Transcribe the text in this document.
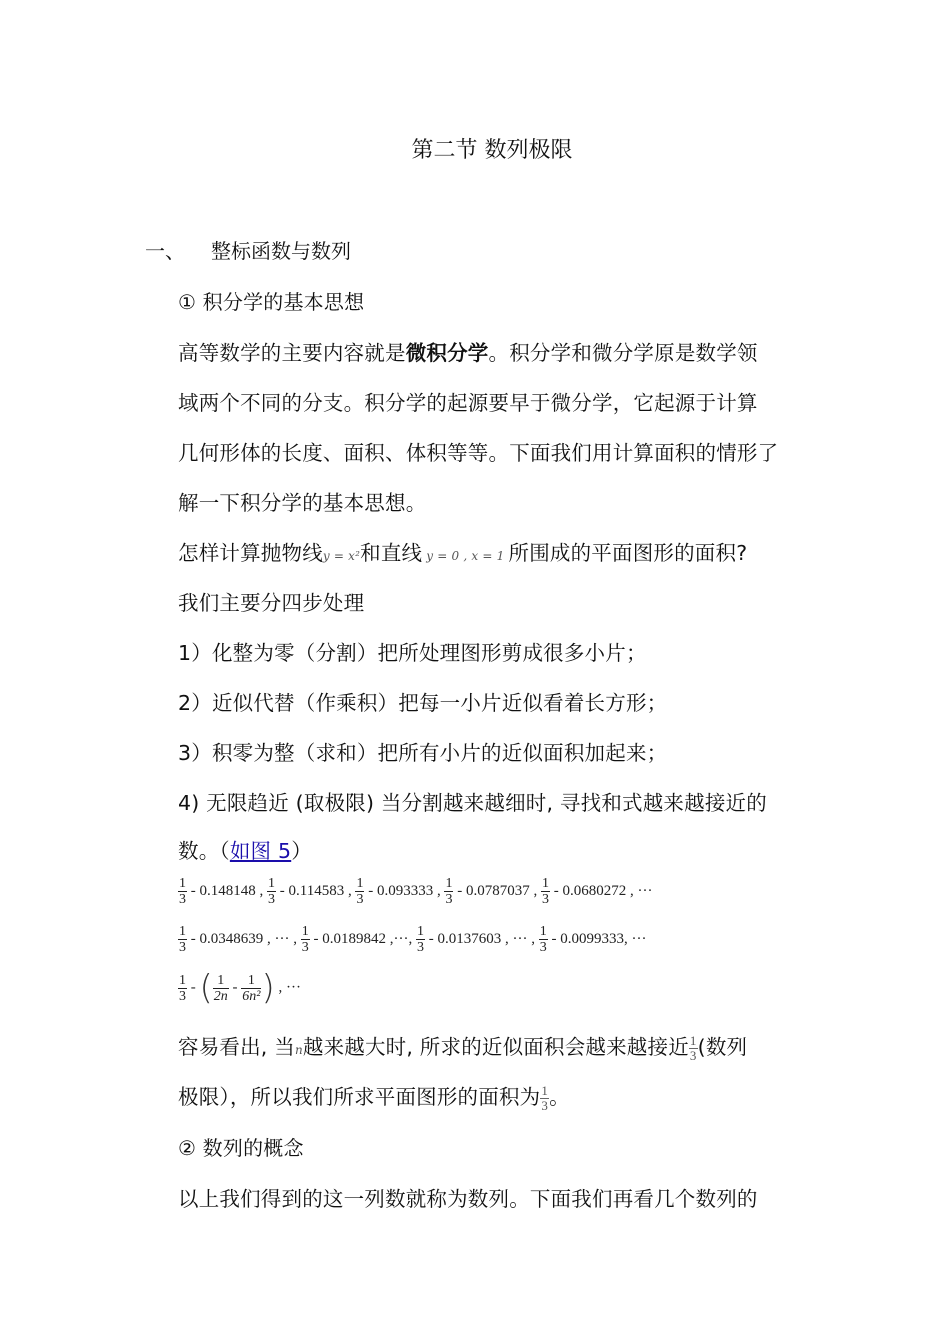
第二节 数列极限
一、 整标函数与数列
① 积分学的基本思想
高等数学的主要内容就是微积分学。积分学和微分学原是数学领
域两个不同的分支。积分学的起源要早于微分学，它起源于计算
几何形体的长度、面积、体积等等。下面我们用计算面积的情形了
解一下积分学的基本思想。
怎样计算抛物线y = x²和直线 y = 0 , x = 1 所围成的平面图形的面积?
我们主要分四步处理
1）化整为零（分割）把所处理图形剪成很多小片；
2）近似代替（作乘积）把每一小片近似看着长方形；
3）积零为整（求和）把所有小片的近似面积加起来；
4) 无限趋近 (取极限) 当分割越来越细时, 寻找和式越来越接近的
数。（如图 5）
$\frac{1}{3} - 0.148148$ , $\frac{1}{3} - 0.114583$ , $\frac{1}{3} - 0.093333$ , $\frac{1}{3} - 0.0787037$ , $\frac{1}{3} - 0.0680272$ , ···
$\frac{1}{3} - 0.0348639$ , ··· , $\frac{1}{3} - 0.0189842$ ,···, $\frac{1}{3} - 0.0137603$ , ··· , $\frac{1}{3} - 0.0099333$, ···
$\frac{1}{3}$ - ( $\frac{1}{2n} - \frac{1}{\text{6n²}}$ ) , ···
容易看出, 当n越来越大时, 所求的近似面积会越来越接近 $\frac{1}{3}$ (数列
极限），所以我们所求平面图形的面积为 $\frac{1}{3}$ 。
② 数列的概念
以上我们得到的这一列数就称为数列。下面我们再看几个数列的
